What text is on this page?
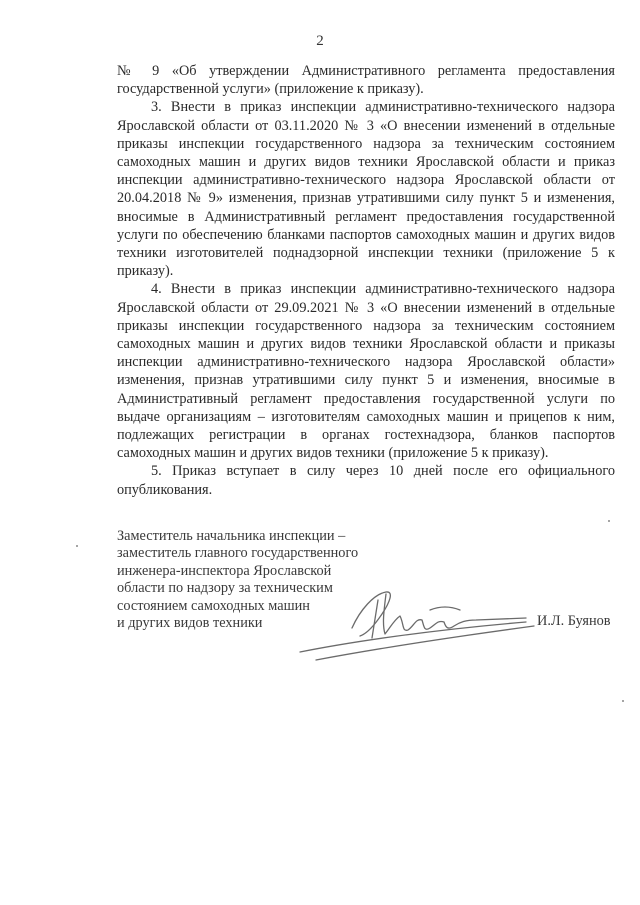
2

№ 9 «Об утверждении Административного регламента предоставления государственной услуги» (приложение к приказу).

3. Внести в приказ инспекции административно-технического надзора Ярославской области от 03.11.2020 № 3 «О внесении изменений в отдельные приказы инспекции государственного надзора за техническим состоянием самоходных машин и других видов техники Ярославской области и приказ инспекции административно-технического надзора Ярославской области от 20.04.2018 № 9» изменения, признав утратившими силу пункт 5 и изменения, вносимые в Административный регламент предоставления государственной услуги по обеспечению бланками паспортов самоходных машин и других видов техники изготовителей поднадзорной инспекции техники (приложение 5 к приказу).

4. Внести в приказ инспекции административно-технического надзора Ярославской области от 29.09.2021 № 3 «О внесении изменений в отдельные приказы инспекции государственного надзора за техническим состоянием самоходных машин и других видов техники Ярославской области и приказы инспекции административно-технического надзора Ярославской области» изменения, признав утратившими силу пункт 5 и изменения, вносимые в Административный регламент предоставления государственной услуги по выдаче организациям – изготовителям самоходных машин и прицепов к ним, подлежащих регистрации в органах гостехнадзора, бланков паспортов самоходных машин и других видов техники (приложение 5 к приказу).

5. Приказ вступает в силу через 10 дней после его официального опубликования.

Заместитель начальника инспекции –
заместитель главного государственного
инженера-инспектора Ярославской
области по надзору за техническим
состоянием самоходных машин
и других видов техники	И.Л. Буянов
